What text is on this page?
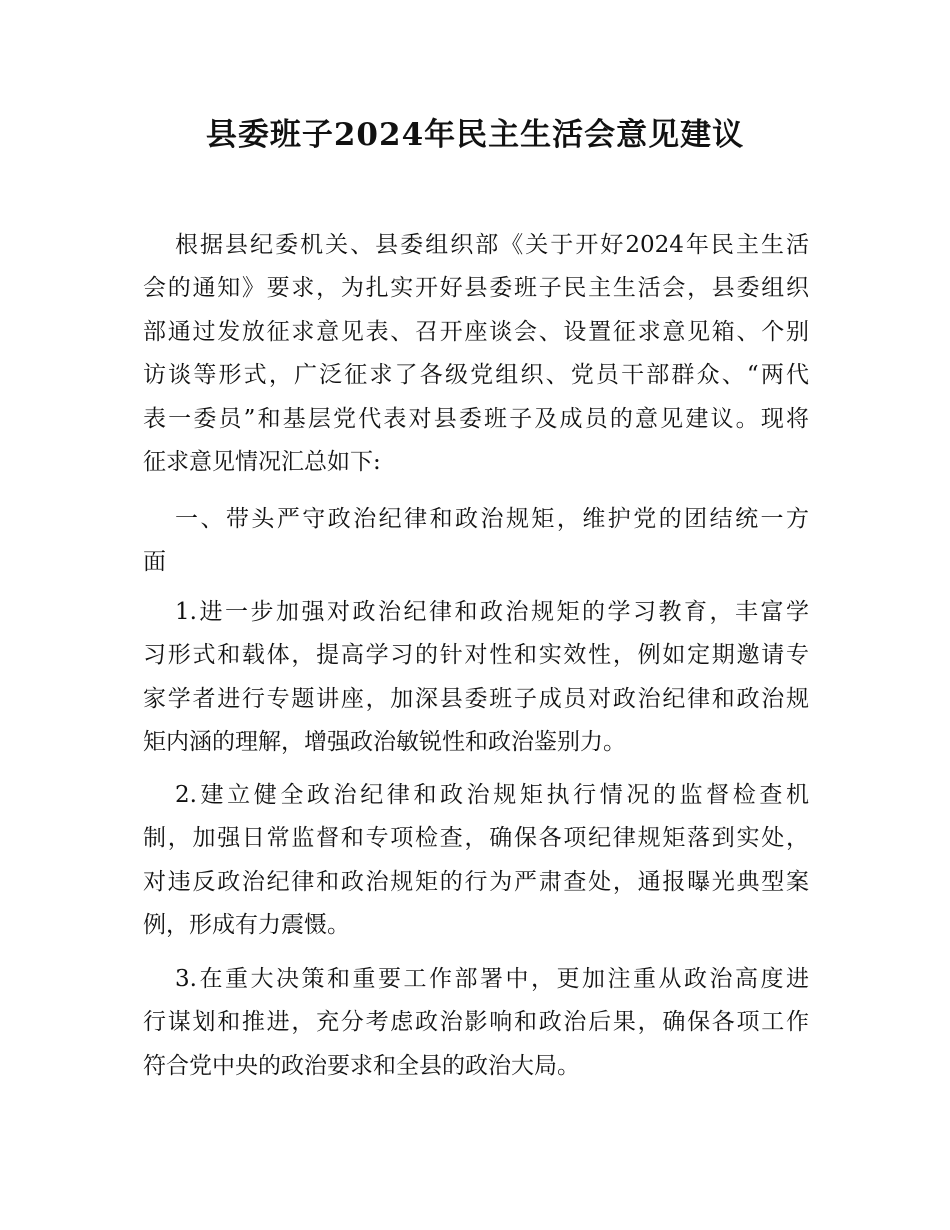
县委班子2024年民主生活会意见建议
根据县纪委机关、县委组织部《关于开好2024年民主生活
会的通知》要求，为扎实开好县委班子民主生活会，县委组织
部通过发放征求意见表、召开座谈会、设置征求意见箱、个别
访谈等形式，广泛征求了各级党组织、党员干部群众、“两代
表一委员”和基层党代表对县委班子及成员的意见建议。现将
征求意见情况汇总如下:
一、带头严守政治纪律和政治规矩，维护党的团结统一方
面
1.进一步加强对政治纪律和政治规矩的学习教育，丰富学
习形式和载体，提高学习的针对性和实效性，例如定期邀请专
家学者进行专题讲座，加深县委班子成员对政治纪律和政治规
矩内涵的理解，增强政治敏锐性和政治鉴别力。
2.建立健全政治纪律和政治规矩执行情况的监督检查机
制，加强日常监督和专项检查，确保各项纪律规矩落到实处，
对违反政治纪律和政治规矩的行为严肃查处，通报曝光典型案
例，形成有力震慑。
3.在重大决策和重要工作部署中，更加注重从政治高度进
行谋划和推进，充分考虑政治影响和政治后果，确保各项工作
符合党中央的政治要求和全县的政治大局。
